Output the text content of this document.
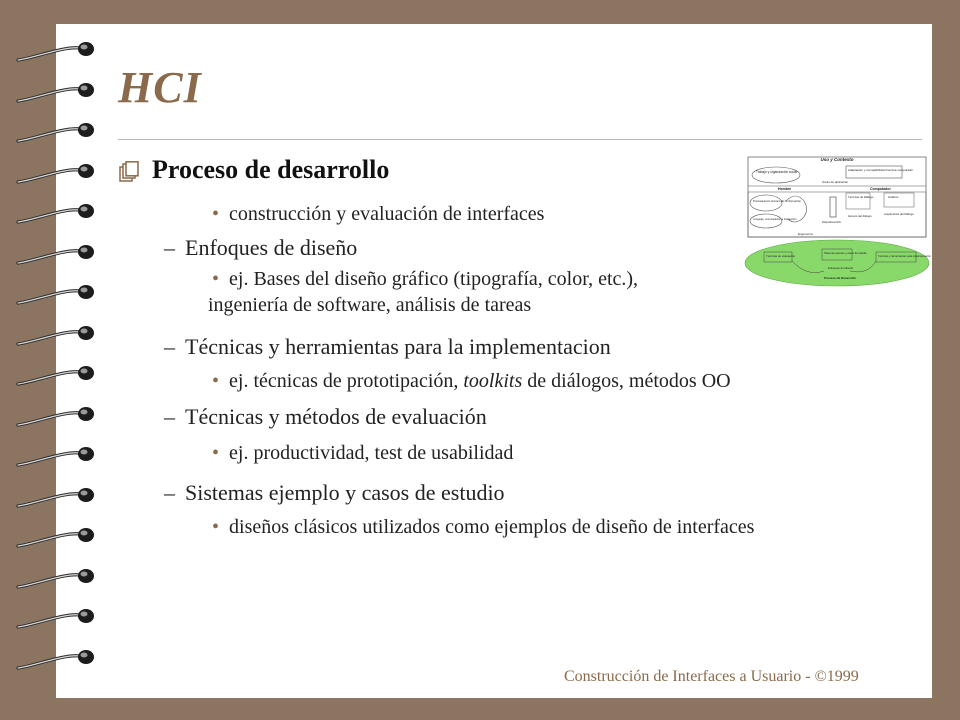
HCI
Proceso de desarrollo
• construcción y evaluación de interfaces
– Enfoques de diseño
• ej. Bases del diseño gráfico (tipografía, color, etc.),
ingeniería de software, análisis de tareas
– Técnicas y herramientas para la implementacion
• ej. técnicas de prototipación, toolkits de diálogos, métodos OO
– Técnicas y métodos de evaluación
• ej. productividad, test de usabilidad
– Sistemas ejemplo y casos de estudio
• diseños clásicos utilizados como ejemplos de diseño de interfaces
Uso y Contexto
Trabajo y organización social	Adaptación y compatibilidad hombre-computador
Áreas de aplicación
Hombre	Computador
Procesamiento humano de la información
Lenguaje, comunicación e interacción
Ergonomía
Dispositivos E/S
Técnicas de Diálogo
Género del diálogo
Gráficos
Arquitectura del Diálogo
Técnicas de evaluación
Sistemas ejemplo y casos de estudio
Técnicas y herramientas para implementación
Enfoques de Diseño
Proceso de Desarrollo
Construcción de Interfaces a Usuario - ©1999
